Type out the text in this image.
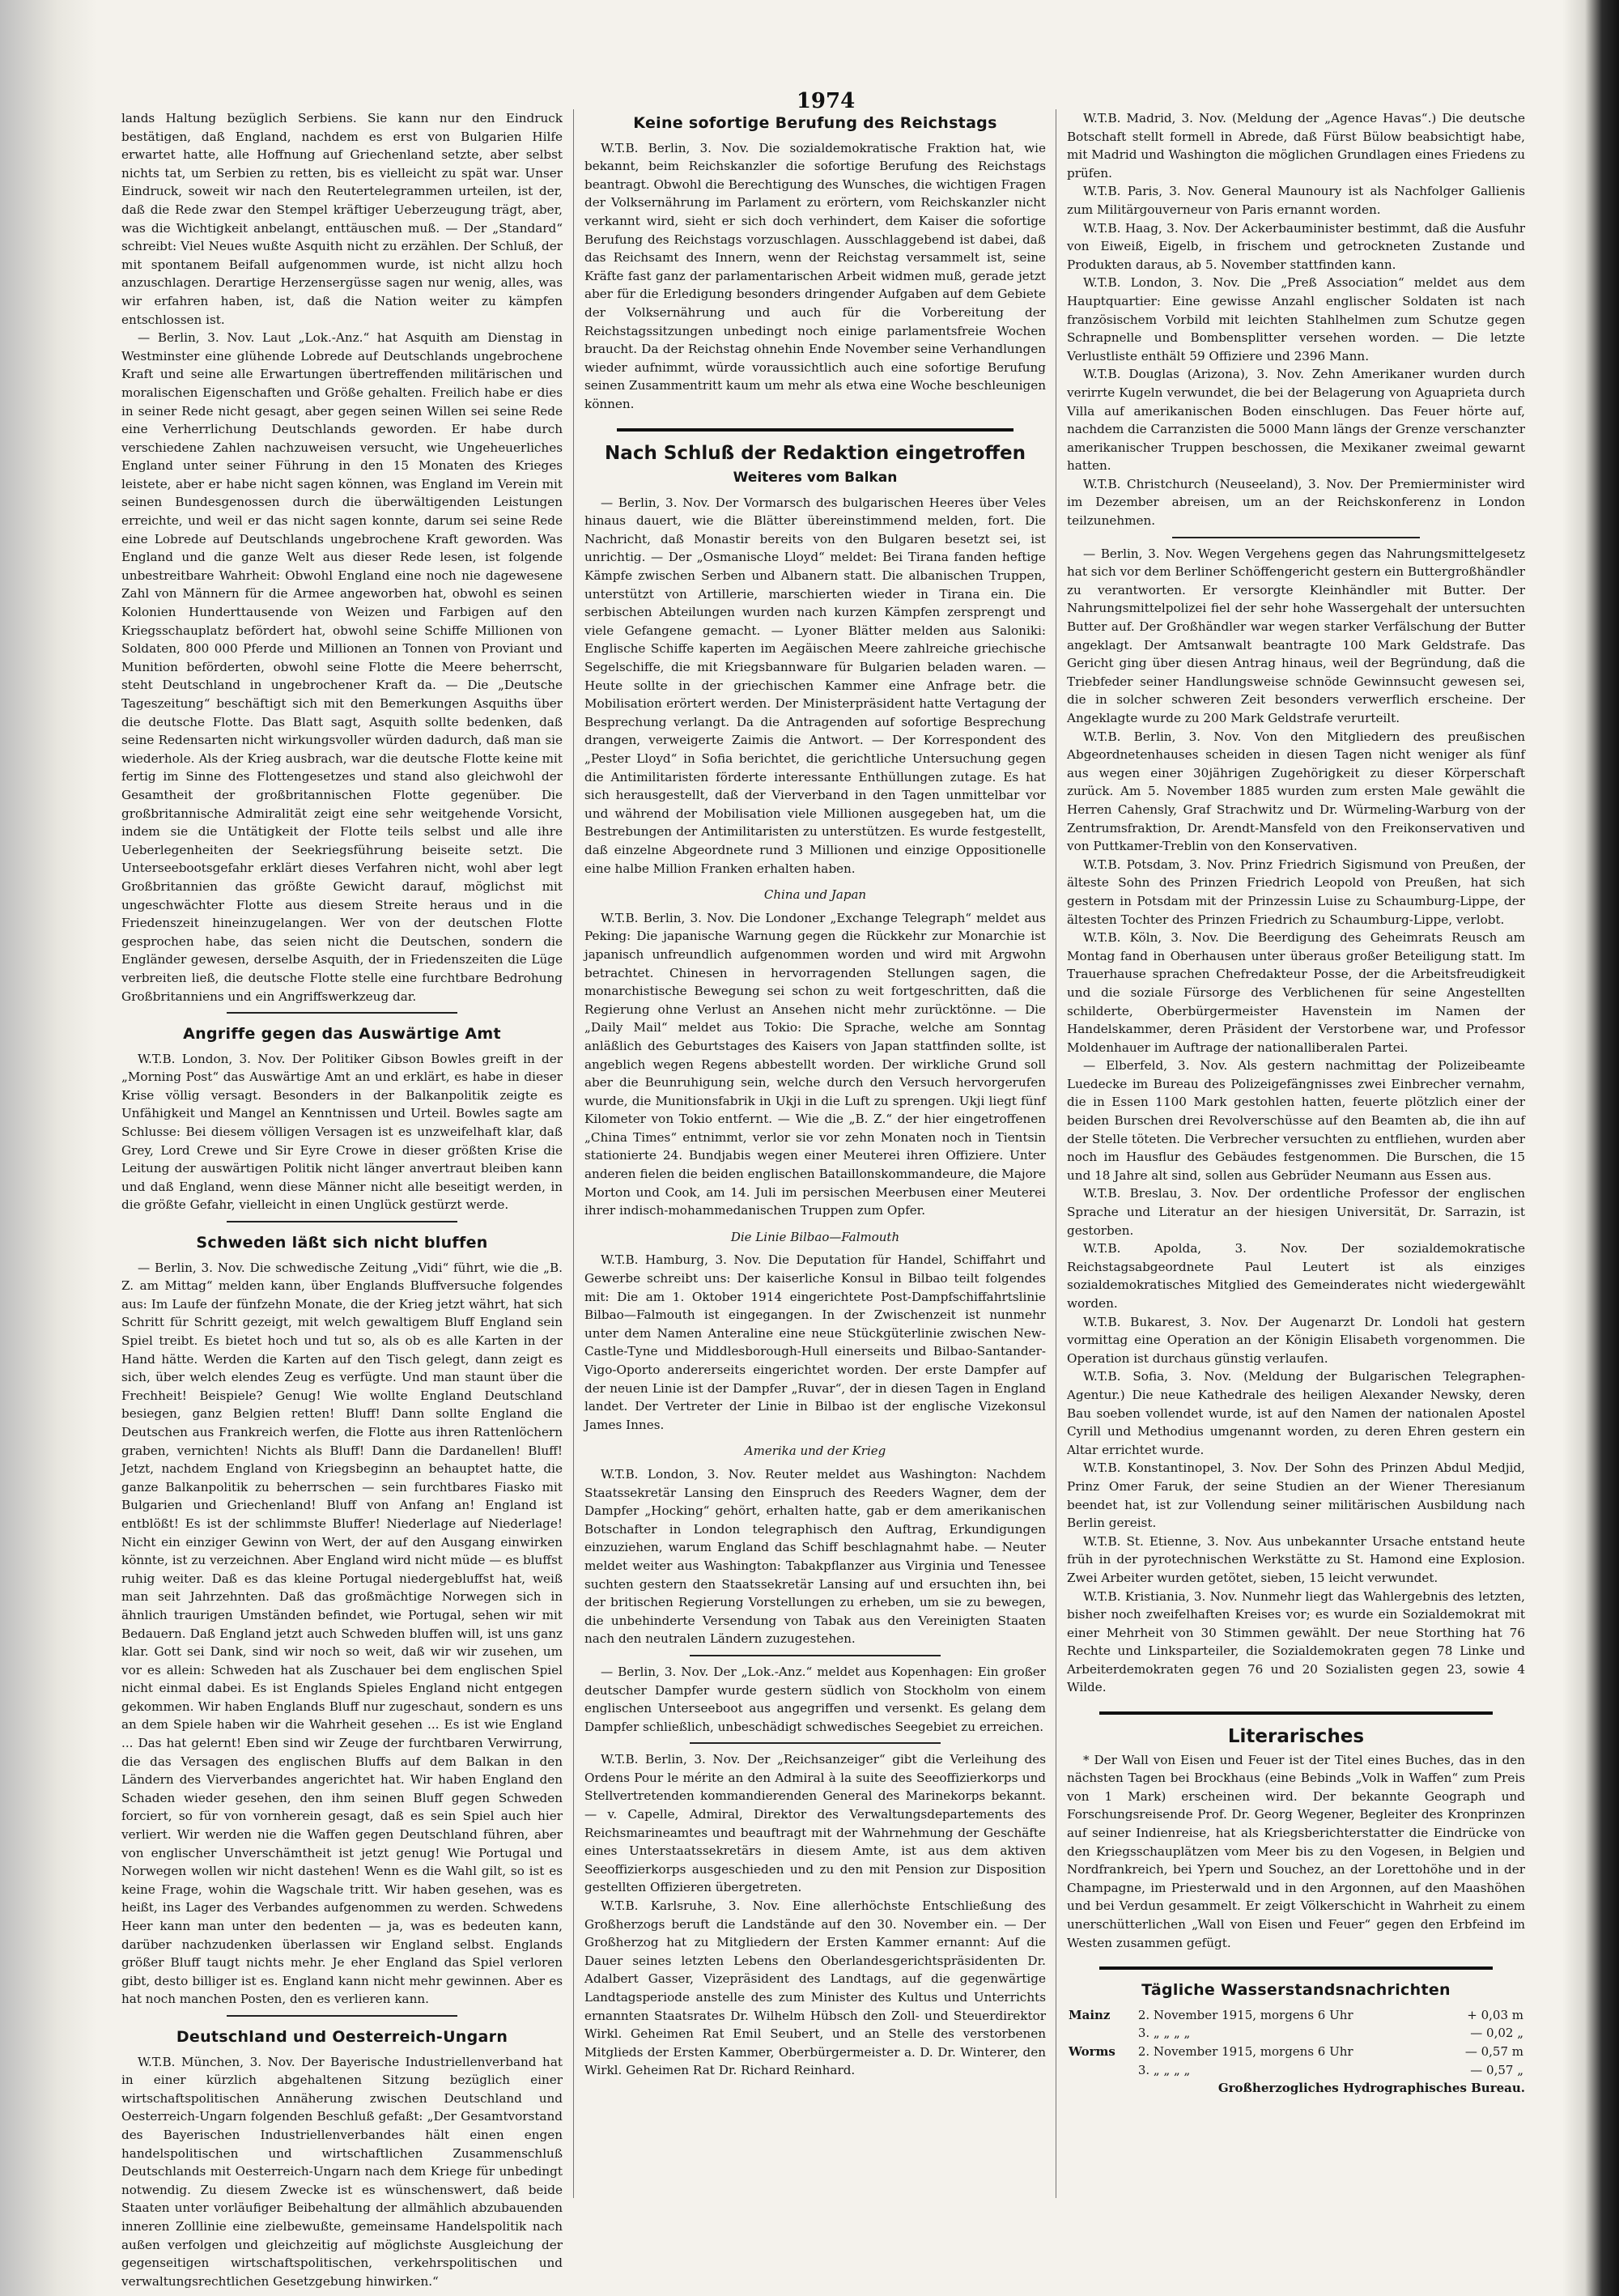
1974

lands Haltung bezüglich Serbiens. Sie kann nur den Eindruck bestätigen, daß England, nachdem es erst von Bulgarien Hilfe erwartet hatte, alle Hoffnung auf Griechenland setzte, aber selbst nichts tat, um Serbien zu retten, bis es vielleicht zu spät war. Unser Eindruck, soweit wir nach den Reutertelegrammen urteilen, ist der, daß die Rede zwar den Stempel kräftiger Ueberzeugung trägt, aber, was die Wichtigkeit anbelangt, enttäuschen muß. — Der „Standard“ schreibt: Viel Neues wußte Asquith nicht zu erzählen. Der Schluß, der mit spontanem Beifall aufgenommen wurde, ist nicht allzu hoch anzuschlagen. Derartige Herzensergüsse sagen nur wenig, alles, was wir erfahren haben, ist, daß die Nation weiter zu kämpfen entschlossen ist.

— Berlin, 3. Nov. Laut „Lok.-Anz.“ hat Asquith am Dienstag in Westminster eine glühende Lobrede auf Deutschlands ungebrochene Kraft und seine alle Erwartungen übertreffenden militärischen und moralischen Eigenschaften und Größe gehalten. Freilich habe er dies in seiner Rede nicht gesagt, aber gegen seinen Willen sei seine Rede eine Verherrlichung Deutschlands geworden. Er habe durch verschiedene Zahlen nachzuweisen versucht, wie Ungeheuerliches England unter seiner Führung in den 15 Monaten des Krieges leistete, aber er habe nicht sagen können, was England im Verein mit seinen Bundesgenossen durch die überwältigenden Leistungen erreichte, und weil er das nicht sagen konnte, darum sei seine Rede eine Lobrede auf Deutschlands ungebrochene Kraft geworden. Was England und die ganze Welt aus dieser Rede lesen, ist folgende unbestreitbare Wahrheit: Obwohl England eine noch nie dagewesene Zahl von Männern für die Armee angeworben hat, obwohl es seinen Kolonien Hunderttausende von Weizen und Farbigen auf den Kriegsschauplatz befördert hat, obwohl seine Schiffe Millionen von Soldaten, 800 000 Pferde und Millionen an Tonnen von Proviant und Munition beförderten, obwohl seine Flotte die Meere beherrscht, steht Deutschland in ungebrochener Kraft da. — Die „Deutsche Tageszeitung“ beschäftigt sich mit den Bemerkungen Asquiths über die deutsche Flotte. Das Blatt sagt, Asquith sollte bedenken, daß seine Redensarten nicht wirkungsvoller würden dadurch, daß man sie wiederhole. Als der Krieg ausbrach, war die deutsche Flotte keine mit fertig im Sinne des Flottengesetzes und stand also gleichwohl der Gesamtheit der großbritannischen Flotte gegenüber. Die großbritannische Admiralität zeigt eine sehr weitgehende Vorsicht, indem sie die Untätigkeit der Flotte teils selbst und alle ihre Ueberlegenheiten der Seekriegsführung beiseite setzt. Die Unterseebootsgefahr erklärt dieses Verfahren nicht, wohl aber legt Großbritannien das größte Gewicht darauf, möglichst mit ungeschwächter Flotte aus diesem Streite heraus und in die Friedenszeit hineinzugelangen. Wer von der deutschen Flotte gesprochen habe, das seien nicht die Deutschen, sondern die Engländer gewesen, derselbe Asquith, der in Friedenszeiten die Lüge verbreiten ließ, die deutsche Flotte stelle eine furchtbare Bedrohung Großbritanniens und ein Angriffswerkzeug dar.

Angriffe gegen das Auswärtige Amt

W.T.B. London, 3. Nov. Der Politiker Gibson Bowles greift in der „Morning Post“ das Auswärtige Amt an und erklärt, es habe in dieser Krise völlig versagt. Besonders in der Balkanpolitik zeigte es Unfähigkeit und Mangel an Kenntnissen und Urteil. Bowles sagte am Schlusse: Bei diesem völligen Versagen ist es unzweifelhaft klar, daß Grey, Lord Crewe und Sir Eyre Crowe in dieser größten Krise die Leitung der auswärtigen Politik nicht länger anvertraut bleiben kann und daß England, wenn diese Männer nicht alle beseitigt werden, in die größte Gefahr, vielleicht in einen Unglück gestürzt werde.

Schweden läßt sich nicht bluffen

— Berlin, 3. Nov. Die schwedische Zeitung „Vidi“ führt, wie die „B. Z. am Mittag“ melden kann, über Englands Bluffversuche folgendes aus: Im Laufe der fünfzehn Monate, die der Krieg jetzt währt, hat sich Schritt für Schritt gezeigt, mit welch gewaltigem Bluff England sein Spiel treibt. Es bietet hoch und tut so, als ob es alle Karten in der Hand hätte. Werden die Karten auf den Tisch gelegt, dann zeigt es sich, über welch elendes Zeug es verfügte. Und man staunt über die Frechheit! Beispiele? Genug! Wie wollte England Deutschland besiegen, ganz Belgien retten! Bluff! Dann sollte England die Deutschen aus Frankreich werfen, die Flotte aus ihren Rattenlöchern graben, vernichten! Nichts als Bluff! Dann die Dardanellen! Bluff! Jetzt, nachdem England von Kriegsbeginn an behauptet hatte, die ganze Balkanpolitik zu beherrschen — sein furchtbares Fiasko mit Bulgarien und Griechenland! Bluff von Anfang an! England ist entblößt! Es ist der schlimmste Bluffer! Niederlage auf Niederlage! Nicht ein einziger Gewinn von Wert, der auf den Ausgang einwirken könnte, ist zu verzeichnen. Aber England wird nicht müde — es bluffst ruhig weiter. Daß es das kleine Portugal niedergebluffst hat, weiß man seit Jahrzehnten. Daß das großmächtige Norwegen sich in ähnlich traurigen Umständen befindet, wie Portugal, sehen wir mit Bedauern. Daß England jetzt auch Schweden bluffen will, ist uns ganz klar. Gott sei Dank, sind wir noch so weit, daß wir wir zusehen, um vor es allein: Schweden hat als Zuschauer bei dem englischen Spiel nicht einmal dabei. Es ist Englands Spieles England nicht entgegen gekommen. Wir haben Englands Bluff nur zugeschaut, sondern es uns an dem Spiele haben wir die Wahrheit gesehen ... Es ist wie England ... Das hat gelernt! Eben sind wir Zeuge der furchtbaren Verwirrung, die das Versagen des englischen Bluffs auf dem Balkan in den Ländern des Vierverbandes angerichtet hat. Wir haben England den Schaden wieder gesehen, den ihm seinen Bluff gegen Schweden forciert, so für von vornherein gesagt, daß es sein Spiel auch hier verliert. Wir werden nie die Waffen gegen Deutschland führen, aber von englischer Unverschämtheit ist jetzt genug! Wie Portugal und Norwegen wollen wir nicht dastehen! Wenn es die Wahl gilt, so ist es keine Frage, wohin die Wagschale tritt. Wir haben gesehen, was es heißt, ins Lager des Verbandes aufgenommen zu werden. Schwedens Heer kann man unter den bedenten — ja, was es bedeuten kann, darüber nachzudenken überlassen wir England selbst. Englands größer Bluff taugt nichts mehr. Je eher England das Spiel verloren gibt, desto billiger ist es. England kann nicht mehr gewinnen. Aber es hat noch manchen Posten, den es verlieren kann.

Deutschland und Oesterreich-Ungarn

W.T.B. München, 3. Nov. Der Bayerische Industriellenverband hat in einer kürzlich abgehaltenen Sitzung bezüglich einer wirtschaftspolitischen Annäherung zwischen Deutschland und Oesterreich-Ungarn folgenden Beschluß gefaßt: „Der Gesamtvorstand des Bayerischen Industriellenverbandes hält einen engen handelspolitischen und wirtschaftlichen Zusammenschluß Deutschlands mit Oesterreich-Ungarn nach dem Kriege für unbedingt notwendig. Zu diesem Zwecke ist es wünschenswert, daß beide Staaten unter vorläufiger Beibehaltung der allmählich abzubauenden inneren Zolllinie eine zielbewußte, gemeinsame Handelspolitik nach außen verfolgen und gleichzeitig auf möglichste Ausgleichung der gegenseitigen wirtschaftspolitischen, verkehrspolitischen und verwaltungsrechtlichen Gesetzgebung hinwirken.“

Keine sofortige Berufung des Reichstags

W.T.B. Berlin, 3. Nov. Die sozialdemokratische Fraktion hat, wie bekannt, beim Reichskanzler die sofortige Berufung des Reichstags beantragt. Obwohl die Berechtigung des Wunsches, die wichtigen Fragen der Volksernährung im Parlament zu erörtern, vom Reichskanzler nicht verkannt wird, sieht er sich doch verhindert, dem Kaiser die sofortige Berufung des Reichstags vorzuschlagen. Ausschlaggebend ist dabei, daß das Reichsamt des Innern, wenn der Reichstag versammelt ist, seine Kräfte fast ganz der parlamentarischen Arbeit widmen muß, gerade jetzt aber für die Erledigung besonders dringender Aufgaben auf dem Gebiete der Volksernährung und auch für die Vorbereitung der Reichstagssitzungen unbedingt noch einige parlamentsfreie Wochen braucht. Da der Reichstag ohnehin Ende November seine Verhandlungen wieder aufnimmt, würde voraussichtlich auch eine sofortige Berufung seinen Zusammentritt kaum um mehr als etwa eine Woche beschleunigen können.

Nach Schluß der Redaktion eingetroffen
Weiteres vom Balkan

— Berlin, 3. Nov. Der Vormarsch des bulgarischen Heeres über Veles hinaus dauert, wie die Blätter übereinstimmend melden, fort. Die Nachricht, daß Monastir bereits von den Bulgaren besetzt sei, ist unrichtig. — Der „Osmanische Lloyd“ meldet: Bei Tirana fanden heftige Kämpfe zwischen Serben und Albanern statt. Die albanischen Truppen, unterstützt von Artillerie, marschierten wieder in Tirana ein. Die serbischen Abteilungen wurden nach kurzen Kämpfen zersprengt und viele Gefangene gemacht. — Lyoner Blätter melden aus Saloniki: Englische Schiffe kaperten im Aegäischen Meere zahlreiche griechische Segelschiffe, die mit Kriegsbannware für Bulgarien beladen waren. — Heute sollte in der griechischen Kammer eine Anfrage betr. die Mobilisation erörtert werden. Der Ministerpräsident hatte Vertagung der Besprechung verlangt. Da die Antragenden auf sofortige Besprechung drangen, verweigerte Zaimis die Antwort. — Der Korrespondent des „Pester Lloyd“ in Sofia berichtet, die gerichtliche Untersuchung gegen die Antimilitaristen förderte interessante Enthüllungen zutage. Es hat sich herausgestellt, daß der Vierverband in den Tagen unmittelbar vor und während der Mobilisation viele Millionen ausgegeben hat, um die Bestrebungen der Antimilitaristen zu unterstützen. Es wurde festgestellt, daß einzelne Abgeordnete rund 3 Millionen und einzige Oppositionelle eine halbe Million Franken erhalten haben.

China und Japan

W.T.B. Berlin, 3. Nov. Die Londoner „Exchange Telegraph“ meldet aus Peking: Die japanische Warnung gegen die Rückkehr zur Monarchie ist japanisch unfreundlich aufgenommen worden und wird mit Argwohn betrachtet. Chinesen in hervorragenden Stellungen sagen, die monarchistische Bewegung sei schon zu weit fortgeschritten, daß die Regierung ohne Verlust an Ansehen nicht mehr zurücktönne. — Die „Daily Mail“ meldet aus Tokio: Die Sprache, welche am Sonntag anläßlich des Geburtstages des Kaisers von Japan stattfinden sollte, ist angeblich wegen Regens abbestellt worden. Der wirkliche Grund soll aber die Beunruhigung sein, welche durch den Versuch hervorgerufen wurde, die Munitionsfabrik in Ukji in die Luft zu sprengen. Ukji liegt fünf Kilometer von Tokio entfernt. — Wie die „B. Z.“ der hier eingetroffenen „China Times“ entnimmt, verlor sie vor zehn Monaten noch in Tientsin stationierte 24. Bundjabis wegen einer Meuterei ihren Offiziere. Unter anderen fielen die beiden englischen Bataillonskommandeure, die Majore Morton und Cook, am 14. Juli im persischen Meerbusen einer Meuterei ihrer indisch-mohammedanischen Truppen zum Opfer.

Die Linie Bilbao—Falmouth

W.T.B. Hamburg, 3. Nov. Die Deputation für Handel, Schiffahrt und Gewerbe schreibt uns: Der kaiserliche Konsul in Bilbao teilt folgendes mit: Die am 1. Oktober 1914 eingerichtete Post-Dampfschiffahrtslinie Bilbao—Falmouth ist eingegangen. In der Zwischenzeit ist nunmehr unter dem Namen Anteraline eine neue Stückgüterlinie zwischen New-Castle-Tyne und Middlesborough-Hull einerseits und Bilbao-Santander-Vigo-Oporto andererseits eingerichtet worden. Der erste Dampfer auf der neuen Linie ist der Dampfer „Ruvar“, der in diesen Tagen in England landet. Der Vertreter der Linie in Bilbao ist der englische Vizekonsul James Innes.

Amerika und der Krieg

W.T.B. London, 3. Nov. Reuter meldet aus Washington: Nachdem Staatssekretär Lansing den Einspruch des Reeders Wagner, dem der Dampfer „Hocking“ gehört, erhalten hatte, gab er dem amerikanischen Botschafter in London telegraphisch den Auftrag, Erkundigungen einzuziehen, warum England das Schiff beschlagnahmt habe. — Neuter meldet weiter aus Washington: Tabakpflanzer aus Virginia und Tenessee suchten gestern den Staatssekretär Lansing auf und ersuchten ihn, bei der britischen Regierung Vorstellungen zu erheben, um sie zu bewegen, die unbehinderte Versendung von Tabak aus den Vereinigten Staaten nach den neutralen Ländern zuzugestehen.

— Berlin, 3. Nov. Der „Lok.-Anz.“ meldet aus Kopenhagen: Ein großer deutscher Dampfer wurde gestern südlich von Stockholm von einem englischen Unterseeboot aus angegriffen und versenkt. Es gelang dem Dampfer schließlich, unbeschädigt schwedisches Seegebiet zu erreichen.

W.T.B. Berlin, 3. Nov. Der „Reichsanzeiger“ gibt die Verleihung des Ordens Pour le mérite an den Admiral à la suite des Seeoffizierkorps und Stellvertretenden kommandierenden General des Marinekorps bekannt. — v. Capelle, Admiral, Direktor des Verwaltungsdepartements des Reichsmarineamtes und beauftragt mit der Wahrnehmung der Geschäfte eines Unterstaatssekretärs in diesem Amte, ist aus dem aktiven Seeoffizierkorps ausgeschieden und zu den mit Pension zur Disposition gestellten Offizieren übergetreten.

W.T.B. Karlsruhe, 3. Nov. Eine allerhöchste Entschließung des Großherzogs beruft die Landstände auf den 30. November ein. — Der Großherzog hat zu Mitgliedern der Ersten Kammer ernannt: Auf die Dauer seines letzten Lebens den Oberlandesgerichtspräsidenten Dr. Adalbert Gasser, Vizepräsident des Landtags, auf die gegenwärtige Landtagsperiode anstelle des zum Minister des Kultus und Unterrichts ernannten Staatsrates Dr. Wilhelm Hübsch den Zoll- und Steuerdirektor Wirkl. Geheimen Rat Emil Seubert, und an Stelle des verstorbenen Mitglieds der Ersten Kammer, Oberbürgermeister a. D. Dr. Winterer, den Wirkl. Geheimen Rat Dr. Richard Reinhard.

W.T.B. Madrid, 3. Nov. (Meldung der „Agence Havas“.) Die deutsche Botschaft stellt formell in Abrede, daß Fürst Bülow beabsichtigt habe, mit Madrid und Washington die möglichen Grundlagen eines Friedens zu prüfen.

W.T.B. Paris, 3. Nov. General Maunoury ist als Nachfolger Gallienis zum Militärgouverneur von Paris ernannt worden.

W.T.B. Haag, 3. Nov. Der Ackerbauminister bestimmt, daß die Ausfuhr von Eiweiß, Eigelb, in frischem und getrockneten Zustande und Produkten daraus, ab 5. November stattfinden kann.

W.T.B. London, 3. Nov. Die „Preß Association“ meldet aus dem Hauptquartier: Eine gewisse Anzahl englischer Soldaten ist nach französischem Vorbild mit leichten Stahlhelmen zum Schutze gegen Schrapnelle und Bombensplitter versehen worden. — Die letzte Verlustliste enthält 59 Offiziere und 2396 Mann.

W.T.B. Douglas (Arizona), 3. Nov. Zehn Amerikaner wurden durch verirrte Kugeln verwundet, die bei der Belagerung von Aguaprieta durch Villa auf amerikanischen Boden einschlugen. Das Feuer hörte auf, nachdem die Carranzisten die 5000 Mann längs der Grenze verschanzter amerikanischer Truppen beschossen, die Mexikaner zweimal gewarnt hatten.

W.T.B. Christchurch (Neuseeland), 3. Nov. Der Premierminister wird im Dezember abreisen, um an der Reichskonferenz in London teilzunehmen.

— Berlin, 3. Nov. Wegen Vergehens gegen das Nahrungsmittelgesetz hat sich vor dem Berliner Schöffengericht gestern ein Buttergroßhändler zu verantworten. Er versorgte Kleinhändler mit Butter. Der Nahrungsmittelpolizei fiel der sehr hohe Wassergehalt der untersuchten Butter auf. Der Großhändler war wegen starker Verfälschung der Butter angeklagt. Der Amtsanwalt beantragte 100 Mark Geldstrafe. Das Gericht ging über diesen Antrag hinaus, weil der Begründung, daß die Triebfeder seiner Handlungsweise schnöde Gewinnsucht gewesen sei, die in solcher schweren Zeit besonders verwerflich erscheine. Der Angeklagte wurde zu 200 Mark Geldstrafe verurteilt.

W.T.B. Berlin, 3. Nov. Von den Mitgliedern des preußischen Abgeordnetenhauses scheiden in diesen Tagen nicht weniger als fünf aus wegen einer 30jährigen Zugehörigkeit zu dieser Körperschaft zurück. Am 5. November 1885 wurden zum ersten Male gewählt die Herren Cahensly, Graf Strachwitz und Dr. Würmeling-Warburg von der Zentrumsfraktion, Dr. Arendt-Mansfeld von den Freikonservativen und von Puttkamer-Treblin von den Konservativen.

W.T.B. Potsdam, 3. Nov. Prinz Friedrich Sigismund von Preußen, der älteste Sohn des Prinzen Friedrich Leopold von Preußen, hat sich gestern in Potsdam mit der Prinzessin Luise zu Schaumburg-Lippe, der ältesten Tochter des Prinzen Friedrich zu Schaumburg-Lippe, verlobt.

W.T.B. Köln, 3. Nov. Die Beerdigung des Geheimrats Reusch am Montag fand in Oberhausen unter überaus großer Beteiligung statt. Im Trauerhause sprachen Chefredakteur Posse, der die Arbeitsfreudigkeit und die soziale Fürsorge des Verblichenen für seine Angestellten schilderte, Oberbürgermeister Havenstein im Namen der Handelskammer, deren Präsident der Verstorbene war, und Professor Moldenhauer im Auftrage der nationalliberalen Partei.

— Elberfeld, 3. Nov. Als gestern nachmittag der Polizeibeamte Luedecke im Bureau des Polizeigefängnisses zwei Einbrecher vernahm, die in Essen 1100 Mark gestohlen hatten, feuerte plötzlich einer der beiden Burschen drei Revolverschüsse auf den Beamten ab, die ihn auf der Stelle töteten. Die Verbrecher versuchten zu entfliehen, wurden aber noch im Hausflur des Gebäudes festgenommen. Die Burschen, die 15 und 18 Jahre alt sind, sollen aus Gebrüder Neumann aus Essen aus.

W.T.B. Breslau, 3. Nov. Der ordentliche Professor der englischen Sprache und Literatur an der hiesigen Universität, Dr. Sarrazin, ist gestorben.

W.T.B. Apolda, 3. Nov. Der sozialdemokratische Reichstagsabgeordnete Paul Leutert ist als einziges sozialdemokratisches Mitglied des Gemeinderates nicht wiedergewählt worden.

W.T.B. Bukarest, 3. Nov. Der Augenarzt Dr. Londoli hat gestern vormittag eine Operation an der Königin Elisabeth vorgenommen. Die Operation ist durchaus günstig verlaufen.

W.T.B. Sofia, 3. Nov. (Meldung der Bulgarischen Telegraphen-Agentur.) Die neue Kathedrale des heiligen Alexander Newsky, deren Bau soeben vollendet wurde, ist auf den Namen der nationalen Apostel Cyrill und Methodius umgenannt worden, zu deren Ehren gestern ein Altar errichtet wurde.

W.T.B. Konstantinopel, 3. Nov. Der Sohn des Prinzen Abdul Medjid, Prinz Omer Faruk, der seine Studien an der Wiener Theresianum beendet hat, ist zur Vollendung seiner militärischen Ausbildung nach Berlin gereist.

W.T.B. St. Etienne, 3. Nov. Aus unbekannter Ursache entstand heute früh in der pyrotechnischen Werkstätte zu St. Hamond eine Explosion. Zwei Arbeiter wurden getötet, sieben, 15 leicht verwundet.

W.T.B. Kristiania, 3. Nov. Nunmehr liegt das Wahlergebnis des letzten, bisher noch zweifelhaften Kreises vor; es wurde ein Sozialdemokrat mit einer Mehrheit von 30 Stimmen gewählt. Der neue Storthing hat 76 Rechte und Linksparteiler, die Sozialdemokraten gegen 78 Linke und Arbeiterdemokraten gegen 76 und 20 Sozialisten gegen 23, sowie 4 Wilde.

Literarisches

* Der Wall von Eisen und Feuer ist der Titel eines Buches, das in den nächsten Tagen bei Brockhaus (eine Bebinds „Volk in Waffen“ zum Preis von 1 Mark) erscheinen wird. Der bekannte Geograph und Forschungsreisende Prof. Dr. Georg Wegener, Begleiter des Kronprinzen auf seiner Indienreise, hat als Kriegsberichterstatter die Eindrücke von den Kriegsschauplätzen vom Meer bis zu den Vogesen, in Belgien und Nordfrankreich, bei Ypern und Souchez, an der Lorettohöhe und in der Champagne, im Priesterwald und in den Argonnen, auf den Maashöhen und bei Verdun gesammelt. Er zeigt Völkerschicht in Wahrheit zu einem unerschütterlichen „Wall von Eisen und Feuer“ gegen den Erbfeind im Westen zusammen gefügt.

Tägliche Wasserstandsnachrichten
Mainz	2. November 1915, morgens 6 Uhr	+ 0,03 m
	3. „ „ „ „	— 0,02 „
Worms	2. November 1915, morgens 6 Uhr	— 0,57 m
	3. „ „ „ „	— 0,57 „
Großherzogliches Hydrographisches Bureau.
